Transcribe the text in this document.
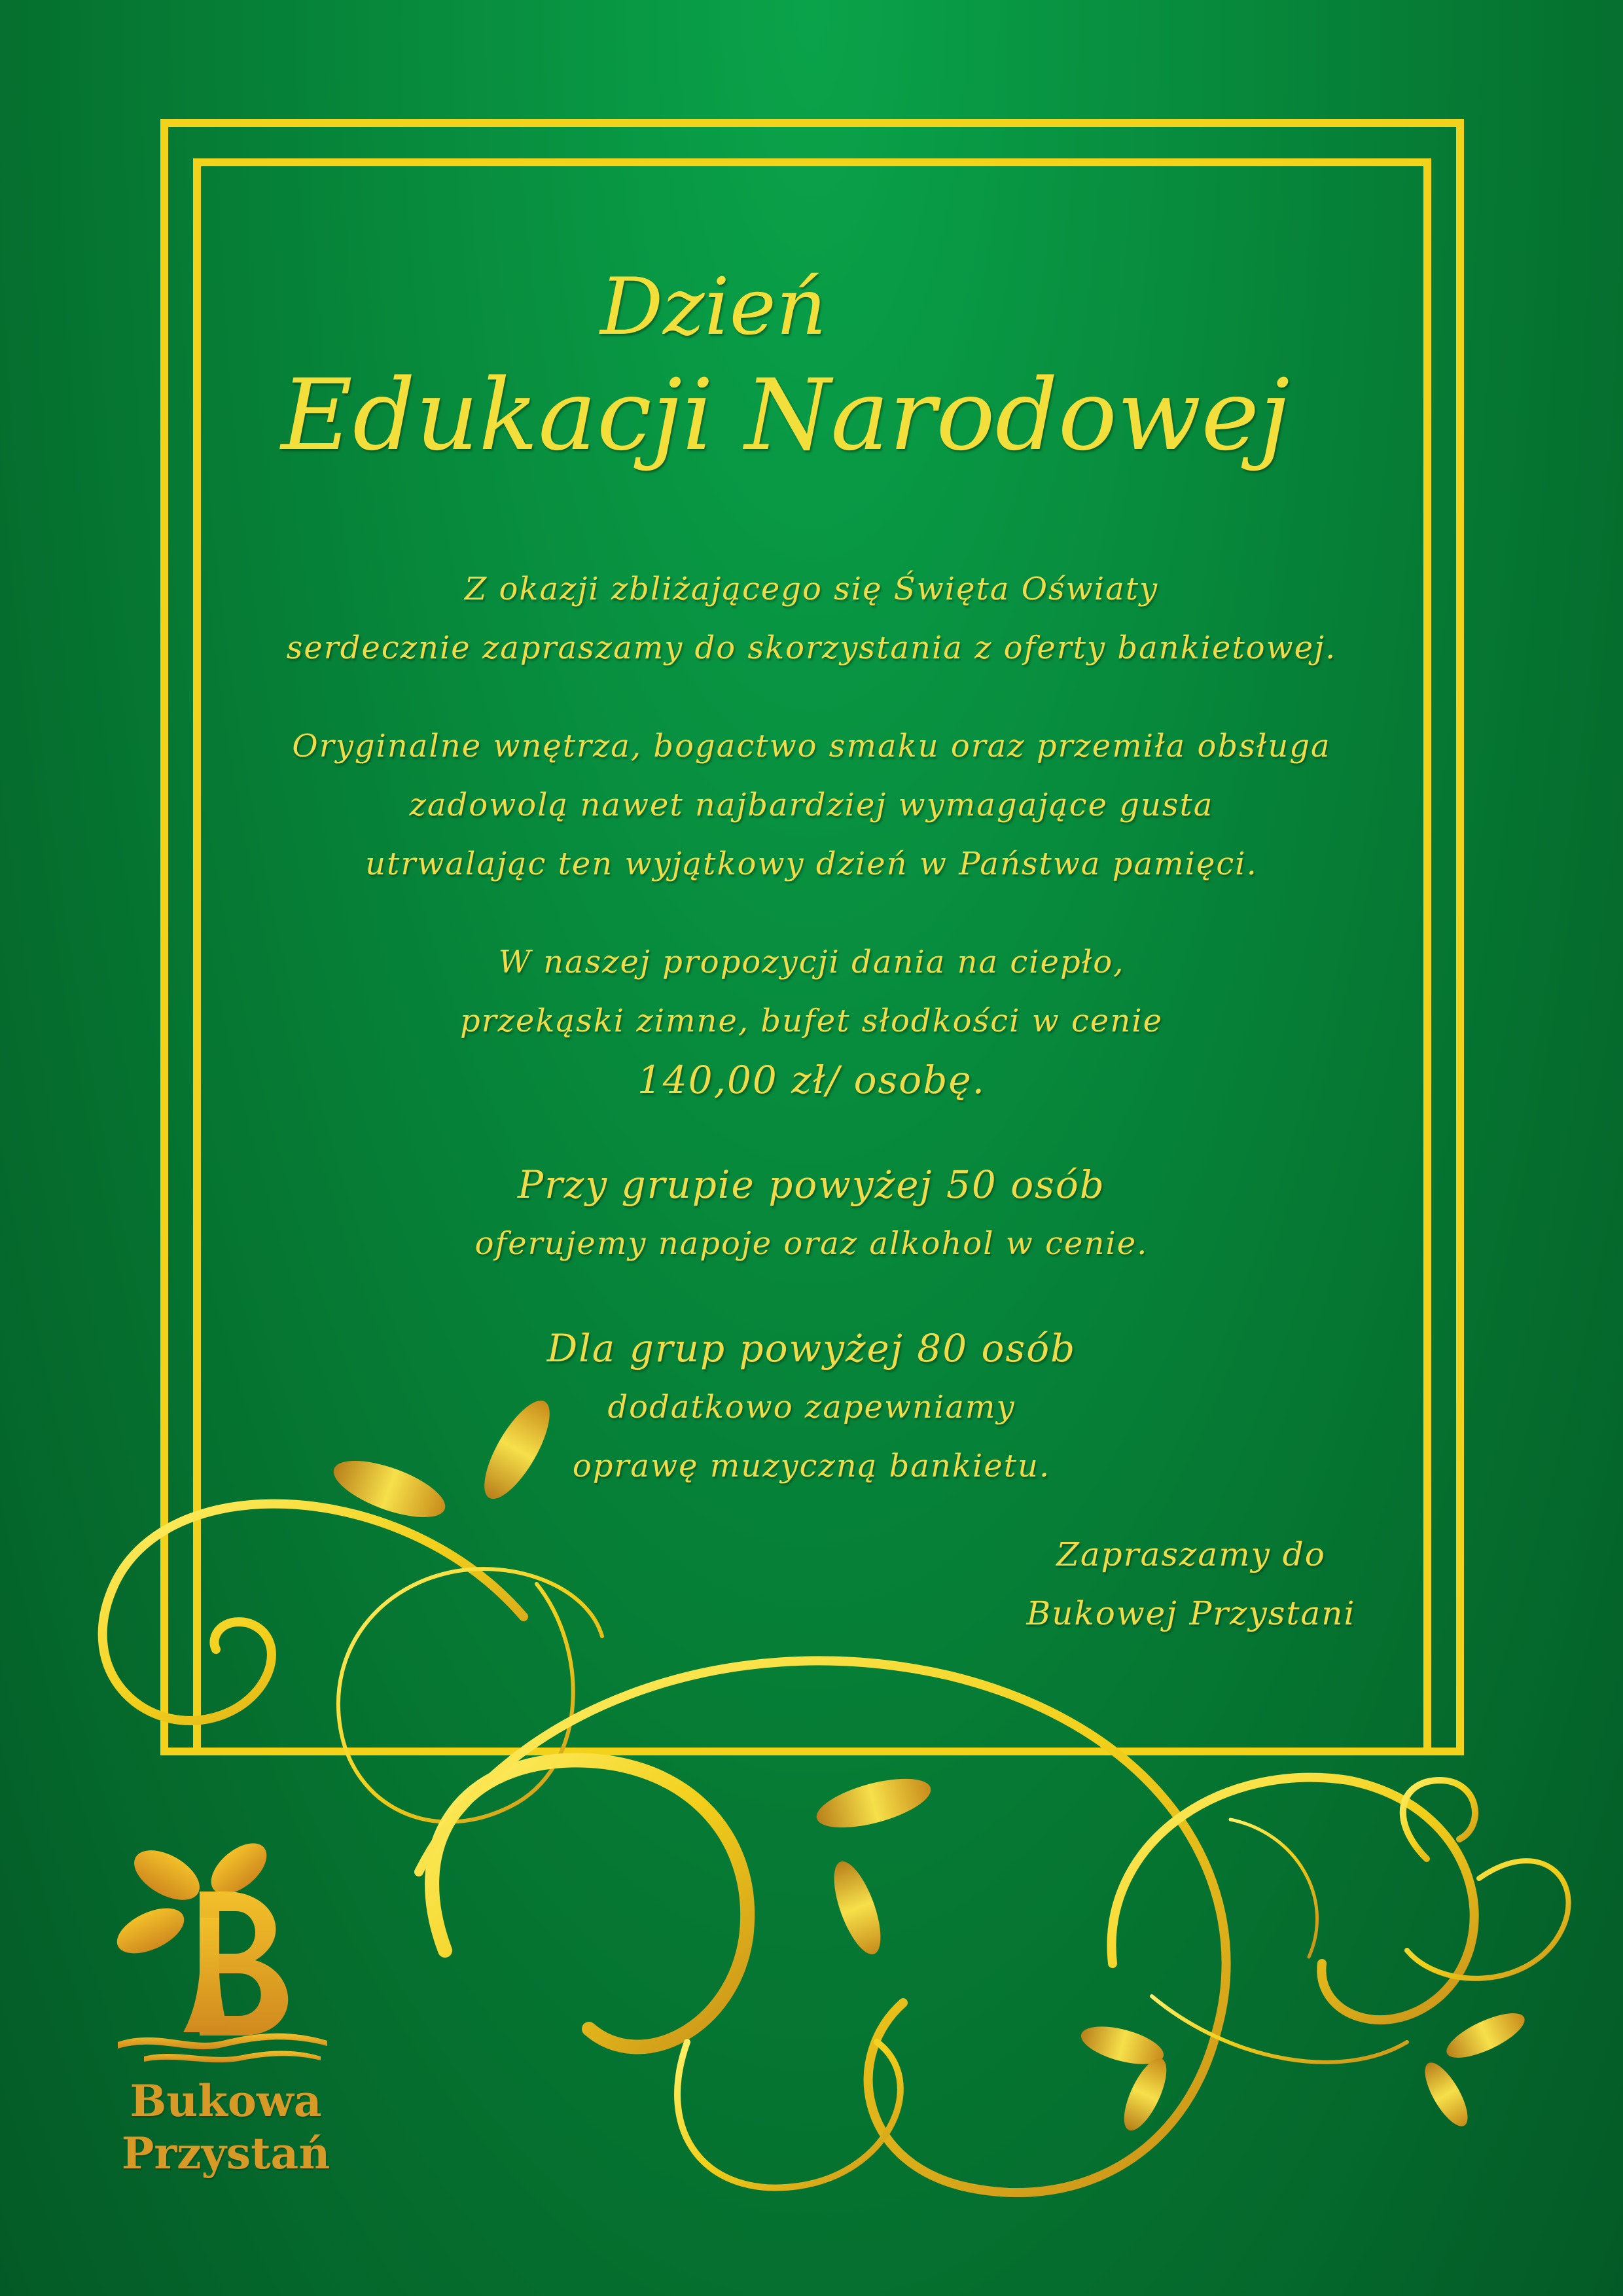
Dzień
Edukacji Narodowej
Z okazji zbliżającego się Święta Oświaty
serdecznie zapraszamy do skorzystania z oferty bankietowej.
Oryginalne wnętrza, bogactwo smaku oraz przemiła obsługa
zadowolą nawet najbardziej wymagające gusta
utrwalając ten wyjątkowy dzień w Państwa pamięci.
W naszej propozycji dania na ciepło,
przekąski zimne, bufet słodkości w cenie
140,00 zł/ osobę.
Przy grupie powyżej 50 osób
oferujemy napoje oraz alkohol w cenie.
Dla grup powyżej 80 osób
dodatkowo zapewniamy
oprawę muzyczną bankietu.
Zapraszamy do
Bukowej Przystani
Bukowa
Przystań
